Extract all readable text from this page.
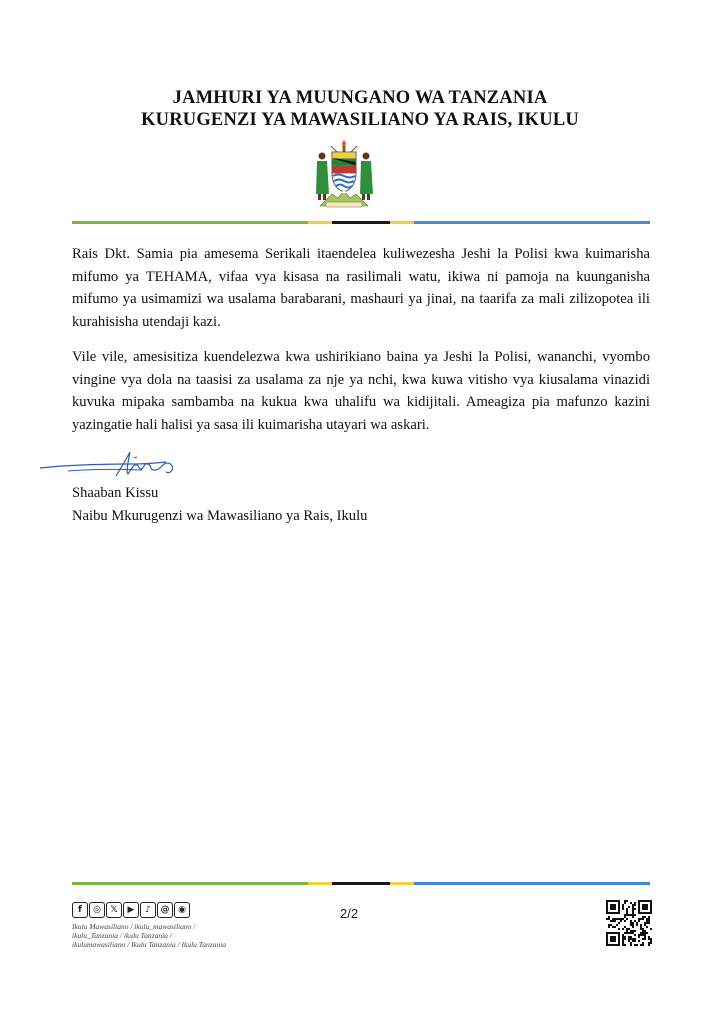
JAMHURI YA MUUNGANO WA TANZANIA
KURUGENZI YA MAWASILIANO YA RAIS, IKULU

Rais Dkt. Samia pia amesema Serikali itaendelea kuliwezesha Jeshi la Polisi kwa kuimarisha mifumo ya TEHAMA, vifaa vya kisasa na rasilimali watu, ikiwa ni pamoja na kuunganisha mifumo ya usimamizi wa usalama barabarani, mashauri ya jinai, na taarifa za mali zilizopotea ili kurahisisha utendaji kazi.

Vile vile, amesisitiza kuendelezwa kwa ushirikiano baina ya Jeshi la Polisi, wananchi, vyombo vingine vya dola na taasisi za usalama za nje ya nchi, kwa kuwa vitisho vya kiusalama vinazidi kuvuka mipaka sambamba na kukua kwa uhalifu wa kidijitali. Ameagiza pia mafunzo kazini yazingatie hali halisi ya sasa ili kuimarisha utayari wa askari.

Shaaban Kissu
Naibu Mkurugenzi wa Mawasiliano ya Rais, Ikulu
f	◎	𝕏	▶	♪	@ ◉
Ikulu Mawasiliano / ikulu_mawasiliano /
ikulu_Tanzania / ikulu Tanzania /
ikulumawasiliano / Ikulu Tanzania / Ikulu Tanzania
2/2
